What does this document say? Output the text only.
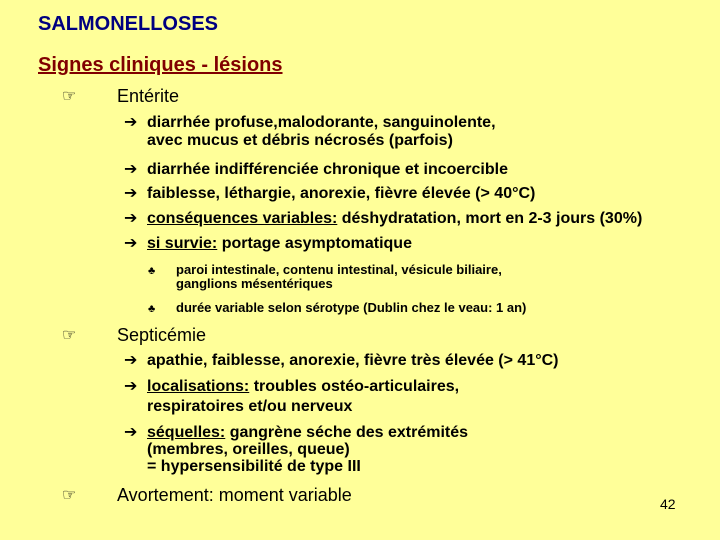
SALMONELLOSES
Signes cliniques - lésions
☞	Entérite
➔ diarrhée profuse,malodorante, sanguinolente,
avec mucus et débris nécrosés (parfois)
➔ diarrhée indifférenciée chronique et incoercible
➔ faiblesse, léthargie, anorexie, fièvre élevée (> 40°C)
➔ conséquences variables: déshydratation, mort en 2-3 jours (30%)
➔ si survie: portage asymptomatique
♣ paroi intestinale, contenu intestinal, vésicule biliaire,
ganglions mésentériques
♣ durée variable selon sérotype (Dublin chez le veau: 1 an)
☞	Septicémie
➔ apathie, faiblesse, anorexie, fièvre très élevée (> 41°C)
➔ localisations: troubles ostéo-articulaires,
respiratoires et/ou nerveux
➔ séquelles: gangrène séche des extrémités
(membres, oreilles, queue)
= hypersensibilité de type III
☞	Avortement: moment variable	42
